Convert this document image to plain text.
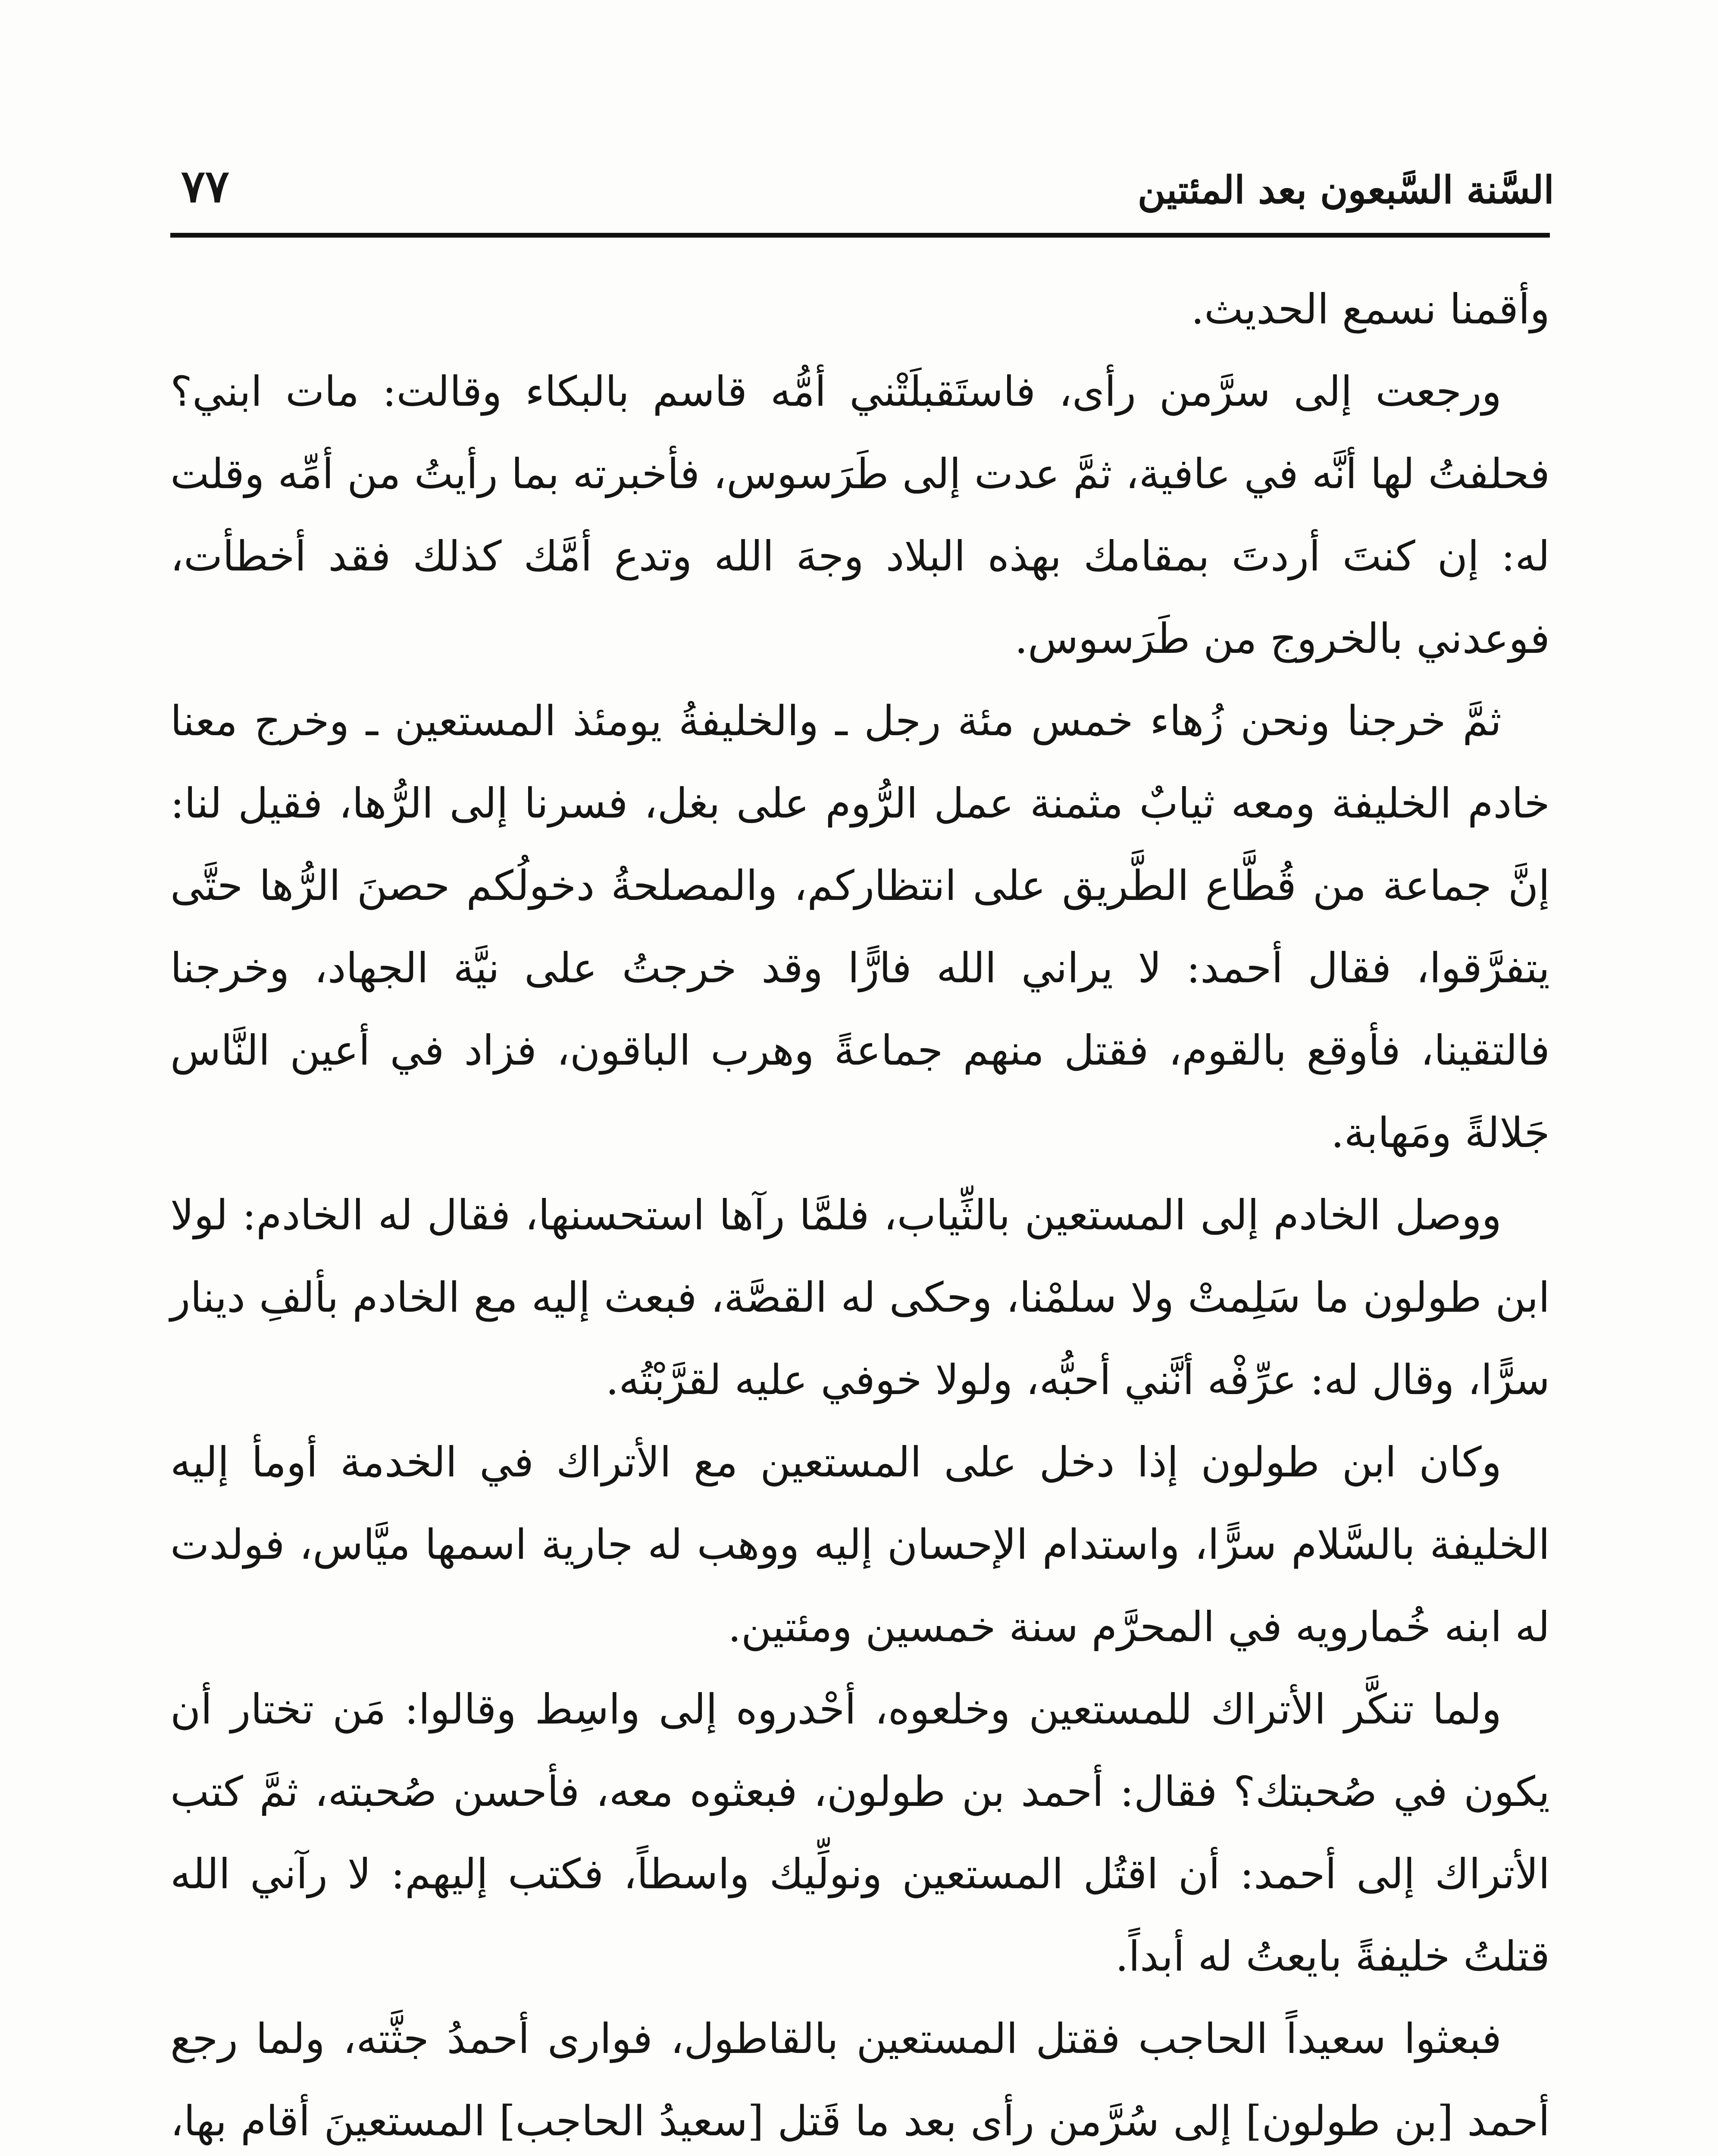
السَّنة السَّبعون بعد المئتين
٧٧

وأقمنا نسمع الحديث.

ورجعت إلى سرَّمن رأى، فاستَقبلَتْني أمُّه قاسم بالبكاء وقالت: مات ابني؟ فحلفتُ لها أنَّه في عافية، ثمَّ عدت إلى طَرَسوس، فأخبرته بما رأيتُ من أمِّه وقلت له: إن كنتَ أردتَ بمقامك بهذه البلاد وجهَ الله وتدع أمَّك كذلك فقد أخطأت، فوعدني بالخروج من طَرَسوس.

ثمَّ خرجنا ونحن زُهاء خمس مئة رجل ـ والخليفةُ يومئذ المستعين ـ وخرج معنا خادم الخليفة ومعه ثيابٌ مثمنة عمل الرُّوم على بغل، فسرنا إلى الرُّها، فقيل لنا: إنَّ جماعة من قُطَّاع الطَّريق على انتظاركم، والمصلحةُ دخولُكم حصنَ الرُّها حتَّى يتفرَّقوا، فقال أحمد: لا يراني الله فارًّا وقد خرجتُ على نيَّة الجهاد، وخرجنا فالتقينا، فأوقع بالقوم، فقتل منهم جماعةً وهرب الباقون، فزاد في أعين النَّاس جَلالةً ومَهابة.

ووصل الخادم إلى المستعين بالثِّياب، فلمَّا رآها استحسنها، فقال له الخادم: لولا ابن طولون ما سَلِمتْ ولا سلمْنا، وحكى له القصَّة، فبعث إليه مع الخادم بألفِ دينار سرًّا، وقال له: عرِّفْه أنَّني أحبُّه، ولولا خوفي عليه لقرَّبْتُه.

وكان ابن طولون إذا دخل على المستعين مع الأتراك في الخدمة أومأ إليه الخليفة بالسَّلام سرًّا، واستدام الإحسان إليه ووهب له جارية اسمها ميَّاس، فولدت له ابنه خُمارويه في المحرَّم سنة خمسين ومئتين.

ولما تنكَّر الأتراك للمستعين وخلعوه، أحْدروه إلى واسِط وقالوا: مَن تختار أن يكون في صُحبتك؟ فقال: أحمد بن طولون، فبعثوه معه، فأحسن صُحبته، ثمَّ كتب الأتراك إلى أحمد: أن اقتُل المستعين ونولِّيك واسطاً، فكتب إليهم: لا رآني الله قتلتُ خليفةً بايعتُ له أبداً.

فبعثوا سعيداً الحاجب فقتل المستعين بالقاطول، فوارى أحمدُ جثَّته، ولما رجع أحمد [بن طولون] إلى سُرَّمن رأى بعد ما قَتل [سعيدُ الحاجب] المستعينَ أقام بها،
